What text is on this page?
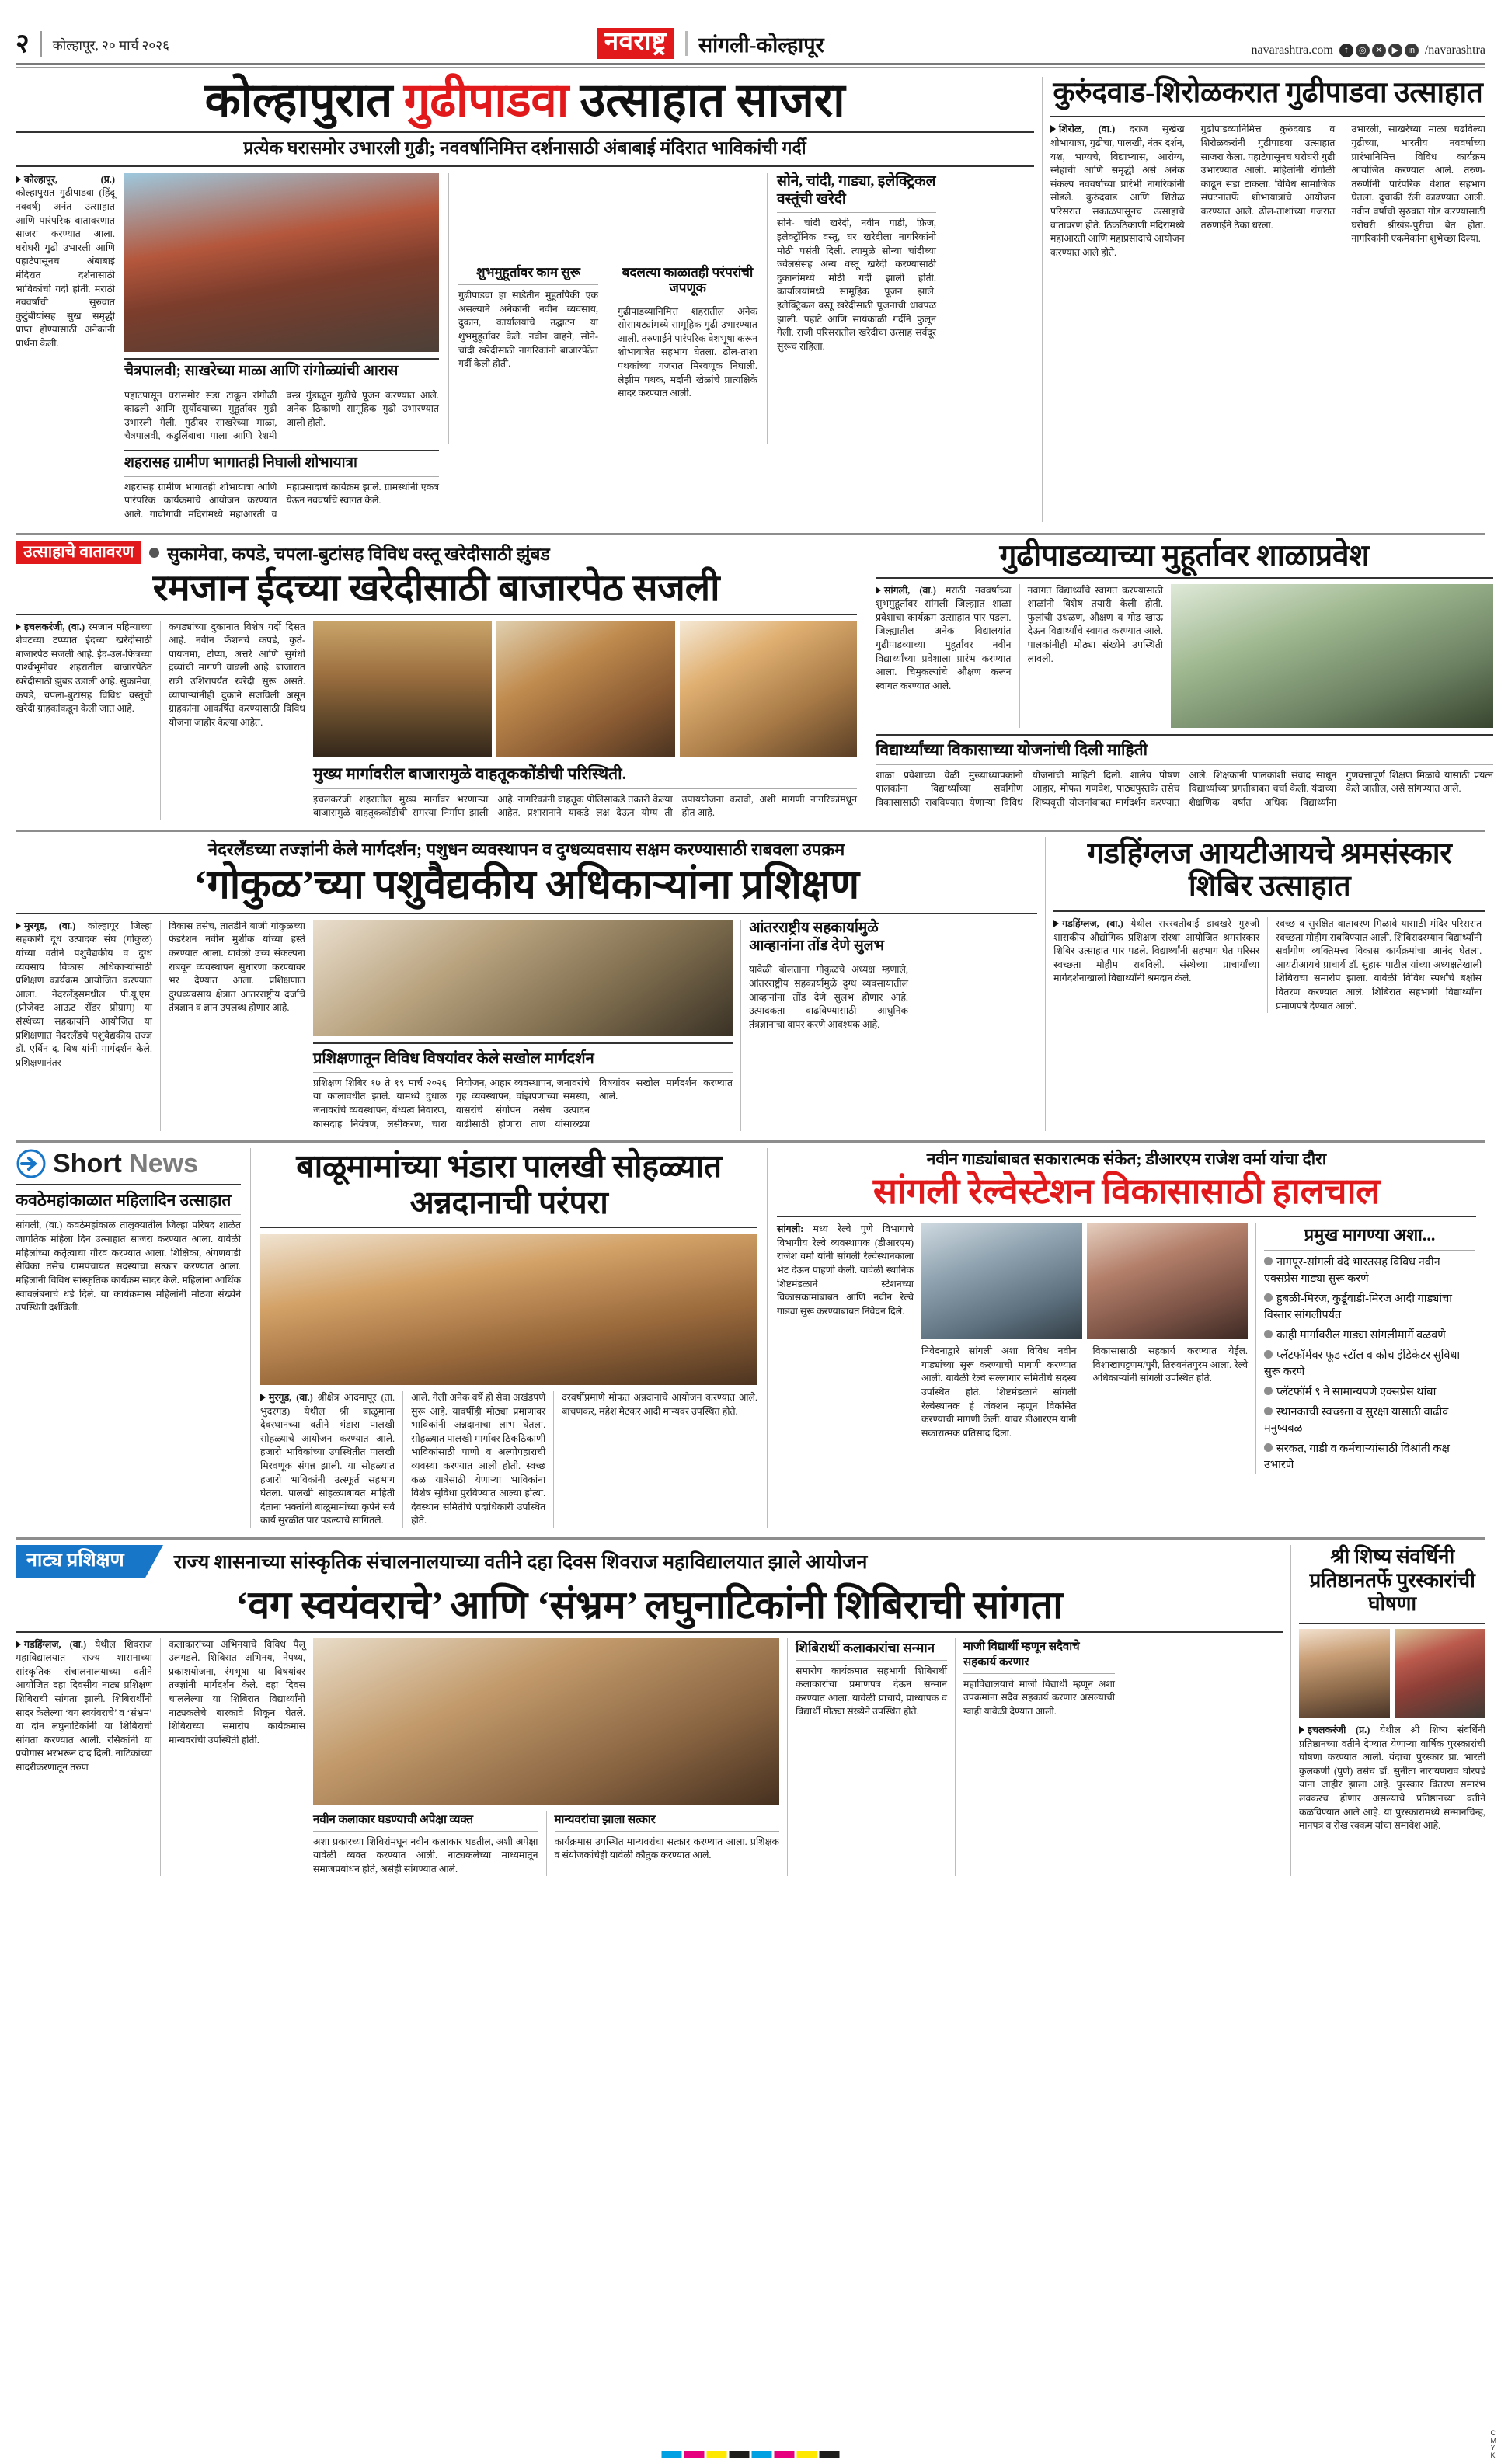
२ कोल्हापूर, २० मार्च २०२६	नवराष्ट्र	सांगली-कोल्हापूर	navarashtra.com	f	◎	✕	▶	in /navarashtra
कोल्हापुरात गुढीपाडवा उत्साहात साजरा
प्रत्येक घरासमोर उभारली गुढी; नववर्षानिमित्त दर्शनासाठी अंबाबाई मंदिरात भाविकांची गर्दी

कोल्हापूर, (प्र.) कोल्हापुरात गुढीपाडवा (हिंदू नववर्ष) अनंत उत्साहात आणि पारंपरिक वातावरणात साजरा करण्यात आला. घरोघरी गुढी उभारली आणि पहाटेपासूनच अंबाबाई मंदिरात दर्शनासाठी भाविकांची गर्दी होती. मराठी नववर्षाची सुरुवात कुटुंबीयांसह सुख समृद्धी प्राप्त होण्यासाठी अनेकांनी प्रार्थना केली.

चैत्रपालवी; साखरेच्या माळा आणि रांगोळ्यांची आरास

पहाटपासून घरासमोर सडा टाकून रांगोळी काढली आणि सुर्योदयाच्या मुहूर्तावर गुढी उभारली गेली. गुढीवर साखरेच्या माळा, चैत्रपालवी, कडुलिंबाचा पाला आणि रेशमी वस्त्र गुंडाळून गुढीचे पूजन करण्यात आले. अनेक ठिकाणी सामूहिक गुढी उभारण्यात आली होती.

शुभमुहूर्तावर काम सुरू

गुढीपाडवा हा साडेतीन मुहूर्तांपैकी एक असल्याने अनेकांनी नवीन व्यवसाय, दुकान, कार्यालयांचे उद्घाटन या शुभमुहूर्तावर केले. नवीन वाहने, सोने-चांदी खरेदीसाठी नागरिकांनी बाजारपेठेत गर्दी केली होती.

बदलत्या काळातही परंपरांची जपणूक

गुढीपाडव्यानिमित्त शहरातील अनेक सोसायट्यांमध्ये सामूहिक गुढी उभारण्यात आली. तरुणाईने पारंपरिक वेशभूषा करून शोभायात्रेत सहभाग घेतला. ढोल-ताशा पथकांच्या गजरात मिरवणूक निघाली. लेझीम पथक, मर्दानी खेळांचे प्रात्यक्षिके सादर करण्यात आली.

सोने, चांदी, गाड्या, इलेक्ट्रिकल वस्तूंची खरेदी

सोने- चांदी खरेदी, नवीन गाडी, फ्रिज, इलेक्ट्रॉनिक वस्तू, घर खरेदीला नागरिकांनी मोठी पसंती दिली. त्यामुळे सोन्या चांदीच्या ज्वेलर्ससह अन्य वस्तू खरेदी करण्यासाठी दुकानांमध्ये मोठी गर्दी झाली होती. कार्यालयांमध्ये सामूहिक पूजन झाले. इलेक्ट्रिकल वस्तू खरेदीसाठी पूजनाची धावपळ झाली. पहाटे आणि सायंकाळी गर्दीने फुलून गेली. राजी परिसरातील खरेदीचा उत्साह सर्वदूर सुरूच राहिला.

शहरासह ग्रामीण भागातही निघाली शोभायात्रा

शहरासह ग्रामीण भागातही शोभायात्रा आणि पारंपरिक कार्यक्रमांचे आयोजन करण्यात आले. गावोगावी मंदिरांमध्ये महाआरती व महाप्रसादाचे कार्यक्रम झाले. ग्रामस्थांनी एकत्र येऊन नववर्षाचे स्वागत केले.

कुरुंदवाड-शिरोळकरात गुढीपाडवा उत्साहात

शिरोळ, (वा.) दराज सुखेख शोभायात्रा, गुढीचा, पालखी, नंतर दर्शन, यश, भाग्यचे, विद्याभ्यास, आरोग्य, स्नेहाची आणि समृद्धी असे अनेक संकल्प नववर्षाच्या प्रारंभी नागरिकांनी सोडले. कुरुंदवाड आणि शिरोळ परिसरात सकाळपासूनच उत्साहाचे वातावरण होते. ठिकठिकाणी मंदिरांमध्ये महाआरती आणि महाप्रसादाचे आयोजन करण्यात आले होते.

गुढीपाडव्यानिमित्त कुरुंदवाड व शिरोळकरांनी गुढीपाडवा उत्साहात साजरा केला. पहाटेपासूनच घरोघरी गुढी उभारण्यात आली. महिलांनी रांगोळी काढून सडा टाकला. विविध सामाजिक संघटनांतर्फे शोभायात्रांचे आयोजन करण्यात आले. ढोल-ताशांच्या गजरात तरुणाईने ठेका धरला.

उभारली, साखरेच्या माळा चढविल्या गुढीच्या, भारतीय नववर्षाच्या प्रारंभानिमित्त विविध कार्यक्रम आयोजित करण्यात आले. तरुण-तरुणींनी पारंपरिक वेशात सहभाग घेतला. दुचाकी रॅली काढण्यात आली. नवीन वर्षाची सुरुवात गोड करण्यासाठी घरोघरी श्रीखंड-पुरीचा बेत होता. नागरिकांनी एकमेकांना शुभेच्छा दिल्या.

उत्साहाचे वातावरण	सुकामेवा, कपडे, चपला-बुटांसह विविध वस्तू खरेदीसाठी झुंबड
रमजान ईदच्या खरेदीसाठी बाजारपेठ सजली

इचलकरंजी, (वा.) रमजान महिन्याच्या शेवटच्या टप्प्यात ईदच्या खरेदीसाठी बाजारपेठ सजली आहे. ईद-उल-फित्रच्या पार्श्वभूमीवर शहरातील बाजारपेठेत खरेदीसाठी झुंबड उडाली आहे. सुकामेवा, कपडे, चपला-बुटांसह विविध वस्तूंची खरेदी ग्राहकांकडून केली जात आहे.

कपड्यांच्या दुकानात विशेष गर्दी दिसत आहे. नवीन फॅशनचे कपडे, कुर्ते-पायजमा, टोप्या, अत्तरे आणि सुगंधी द्रव्यांची मागणी वाढली आहे. बाजारात रात्री उशिरापर्यंत खरेदी सुरू असते. व्यापाऱ्यांनीही दुकाने सजविली असून ग्राहकांना आकर्षित करण्यासाठी विविध योजना जाहीर केल्या आहेत.

मुख्य मार्गावरील बाजारामुळे वाहतूककोंडीची परिस्थिती.

इचलकरंजी शहरातील मुख्य मार्गावर भरणाऱ्या बाजारामुळे वाहतूककोंडीची समस्या निर्माण झाली आहे. नागरिकांनी वाहतूक पोलिसांकडे तक्रारी केल्या आहेत. प्रशासनाने याकडे लक्ष देऊन योग्य ती उपाययोजना करावी, अशी मागणी नागरिकांमधून होत आहे.

गुढीपाडव्याच्या मुहूर्तावर शाळाप्रवेश

सांगली, (वा.) मराठी नववर्षाच्या शुभमुहूर्तावर सांगली जिल्ह्यात शाळा प्रवेशाचा कार्यक्रम उत्साहात पार पडला. जिल्ह्यातील अनेक विद्यालयांत गुढीपाडव्याच्या मुहूर्तावर नवीन विद्यार्थ्यांच्या प्रवेशाला प्रारंभ करण्यात आला. चिमुकल्यांचे औक्षण करून स्वागत करण्यात आले.

नवागत विद्यार्थ्यांचे स्वागत करण्यासाठी शाळांनी विशेष तयारी केली होती. फुलांची उधळण, औक्षण व गोड खाऊ देऊन विद्यार्थ्यांचे स्वागत करण्यात आले. पालकांनीही मोठ्या संख्येने उपस्थिती लावली.

विद्यार्थ्यांच्या विकासाच्या योजनांची दिली माहिती

शाळा प्रवेशाच्या वेळी मुख्याध्यापकांनी पालकांना विद्यार्थ्यांच्या सर्वांगीण विकासासाठी राबविण्यात येणाऱ्या विविध योजनांची माहिती दिली. शालेय पोषण आहार, मोफत गणवेश, पाठ्यपुस्तके तसेच शिष्यवृत्ती योजनांबाबत मार्गदर्शन करण्यात आले. शिक्षकांनी पालकांशी संवाद साधून विद्यार्थ्यांच्या प्रगतीबाबत चर्चा केली. यंदाच्या शैक्षणिक वर्षात अधिक विद्यार्थ्यांना गुणवत्तापूर्ण शिक्षण मिळावे यासाठी प्रयत्न केले जातील, असे सांगण्यात आले.

नेदरलँडच्या तज्ज्ञांनी केले मार्गदर्शन; पशुधन व्यवस्थापन व दुग्धव्यवसाय सक्षम करण्यासाठी राबवला उपक्रम
‘गोकुळ’च्या पशुवैद्यकीय अधिकाऱ्यांना प्रशिक्षण

मुरगूड, (वा.) कोल्हापूर जिल्हा सहकारी दूध उत्पादक संघ (गोकुळ) यांच्या वतीने पशुवैद्यकीय व दुग्ध व्यवसाय विकास अधिकाऱ्यांसाठी प्रशिक्षण कार्यक्रम आयोजित करण्यात आला. नेदरलँड्समधील पी.यू.एम. (प्रोजेक्ट आऊट सेंडर प्रोग्राम) या संस्थेच्या सहकार्याने आयोजित या प्रशिक्षणात नेदरलँडचे पशुवैद्यकीय तज्ज्ञ डॉ. एर्विन द. विथ यांनी मार्गदर्शन केले. प्रशिक्षणानंतर

विकास तसेच, तातडीने बाजी गोकुळच्या फेडरेशन नवीन मुर्शीक यांच्या हस्ते करण्यात आला. यावेळी उच्च संकल्पना राबवून व्यवस्थापन सुधारणा करण्यावर भर देण्यात आला. प्रशिक्षणात दुग्धव्यवसाय क्षेत्रात आंतरराष्ट्रीय दर्जाचे तंत्रज्ञान व ज्ञान उपलब्ध होणार आहे.

प्रशिक्षणातून विविध विषयांवर केले सखोल मार्गदर्शन

प्रशिक्षण शिबिर १७ ते १९ मार्च २०२६ या कालावधीत झाले. यामध्ये दुधाळ जनावरांचे व्यवस्थापन, वंध्यत्व निवारण, कासदाह नियंत्रण, लसीकरण, चारा नियोजन, आहार व्यवस्थापन, जनावरांचे गृह व्यवस्थापन, वांझपणाच्या समस्या, वासरांचे संगोपन तसेच उत्पादन वाढीसाठी होणारा ताण यांसारख्या विषयांवर सखोल मार्गदर्शन करण्यात आले.

आंतरराष्ट्रीय सहकार्यामुळे आव्हानांना तोंड देणे सुलभ

यावेळी बोलताना गोकुळचे अध्यक्ष म्हणाले, आंतरराष्ट्रीय सहकार्यामुळे दुग्ध व्यवसायातील आव्हानांना तोंड देणे सुलभ होणार आहे. उत्पादकता वाढविण्यासाठी आधुनिक तंत्रज्ञानाचा वापर करणे आवश्यक आहे.

गडहिंग्लज आयटीआयचे श्रमसंस्कार शिबिर उत्साहात

गडहिंग्लज, (वा.) येथील सरस्वतीबाई डावखरे गुरुजी शासकीय औद्योगिक प्रशिक्षण संस्था आयोजित श्रमसंस्कार शिबिर उत्साहात पार पडले. विद्यार्थ्यांनी सहभाग घेत परिसर स्वच्छता मोहीम राबविली. संस्थेच्या प्राचार्यांच्या मार्गदर्शनाखाली विद्यार्थ्यांनी श्रमदान केले.

स्वच्छ व सुरक्षित वातावरण मिळावे यासाठी मंदिर परिसरात स्वच्छता मोहीम राबविण्यात आली. शिबिरादरम्यान विद्यार्थ्यांनी सर्वांगीण व्यक्तिमत्त्व विकास कार्यक्रमांचा आनंद घेतला. आयटीआयचे प्राचार्य डॉ. सुहास पाटील यांच्या अध्यक्षतेखाली शिबिराचा समारोप झाला. यावेळी विविध स्पर्धांचे बक्षीस वितरण करण्यात आले. शिबिरात सहभागी विद्यार्थ्यांना प्रमाणपत्रे देण्यात आली.

Short News
कवठेमहांकाळात महिलादिन उत्साहात

सांगली, (वा.) कवठेमहांकाळ तालुक्यातील जिल्हा परिषद शाळेत जागतिक महिला दिन उत्साहात साजरा करण्यात आला. यावेळी महिलांच्या कर्तृत्वाचा गौरव करण्यात आला. शिक्षिका, अंगणवाडी सेविका तसेच ग्रामपंचायत सदस्यांचा सत्कार करण्यात आला. महिलांनी विविध सांस्कृतिक कार्यक्रम सादर केले. महिलांना आर्थिक स्वावलंबनाचे धडे दिले. या कार्यक्रमास महिलांनी मोठ्या संख्येने उपस्थिती दर्शविली.

बाळूमामांच्या भंडारा पालखी सोहळ्यात अन्नदानाची परंपरा

मुरगूड, (वा.) श्रीक्षेत्र आदमापूर (ता. भुदरगड) येथील श्री बाळूमामा देवस्थानच्या वतीने भंडारा पालखी सोहळ्याचे आयोजन करण्यात आले. हजारो भाविकांच्या उपस्थितीत पालखी मिरवणूक संपन्न झाली. या सोहळ्यात हजारो भाविकांनी उत्स्फूर्त सहभाग घेतला. पालखी सोहळ्याबाबत माहिती देताना भक्तांनी बाळूमामांच्या कृपेने सर्व कार्य सुरळीत पार पडल्याचे सांगितले.

आले. गेली अनेक वर्षे ही सेवा अखंडपणे सुरू आहे. यावर्षीही मोठ्या प्रमाणावर भाविकांनी अन्नदानाचा लाभ घेतला. सोहळ्यात पालखी मार्गावर ठिकठिकाणी भाविकांसाठी पाणी व अल्पोपहाराची व्यवस्था करण्यात आली होती. स्वच्छ कळ यात्रेसाठी येणाऱ्या भाविकांना विशेष सुविधा पुरविण्यात आल्या होत्या. देवस्थान समितीचे पदाधिकारी उपस्थित होते.

दरवर्षीप्रमाणे मोफत अन्नदानाचे आयोजन करण्यात आले. बाचणकर, महेश मेटकर आदी मान्यवर उपस्थित होते.

नवीन गाड्यांबाबत सकारात्मक संकेत; डीआरएम राजेश वर्मा यांचा दौरा
सांगली रेल्वेस्टेशन विकासासाठी हालचाल

सांगली: मध्य रेल्वे पुणे विभागाचे विभागीय रेल्वे व्यवस्थापक (डीआरएम) राजेश वर्मा यांनी सांगली रेल्वेस्थानकाला भेट देऊन पाहणी केली. यावेळी स्थानिक शिष्टमंडळाने स्टेशनच्या विकासकामांबाबत आणि नवीन रेल्वे गाड्या सुरू करण्याबाबत निवेदन दिले.

निवेदनाद्वारे सांगली अशा विविध नवीन गाड्यांच्या सुरू करण्याची मागणी करण्यात आली. यावेळी रेल्वे सल्लागार समितीचे सदस्य उपस्थित होते. शिष्टमंडळाने सांगली रेल्वेस्थानक हे जंक्शन म्हणून विकसित करण्याची मागणी केली. यावर डीआरएम यांनी सकारात्मक प्रतिसाद दिला.

विकासासाठी सहकार्य करण्यात येईल. विशाखापट्टणम/पुरी, तिरुवनंतपुरम आला. रेल्वे अधिकाऱ्यांनी सांगली उपस्थित होते.

प्रमुख मागण्या अशा...
नागपूर-सांगली वंदे भारतसह विविध नवीन एक्सप्रेस गाड्या सुरू करणे
हुबळी-मिरज, कुर्डूवाडी-मिरज आदी गाड्यांचा विस्तार सांगलीपर्यंत
काही मार्गांवरील गाड्या सांगलीमार्गे वळवणे
प्लॅटफॉर्मवर फूड स्टॉल व कोच इंडिकेटर सुविधा सुरू करणे
प्लॅटफॉर्म ९ ने सामान्यपणे एक्सप्रेस थांबा
स्थानकाची स्वच्छता व सुरक्षा यासाठी वाढीव मनुष्यबळ
सरकत, गाडी व कर्मचाऱ्यांसाठी विश्रांती कक्ष उभारणे
नाट्य प्रशिक्षण	राज्य शासनाच्या सांस्कृतिक संचालनालयाच्या वतीने दहा दिवस शिवराज महाविद्यालयात झाले आयोजन
‘वग स्वयंवराचे’ आणि ‘संभ्रम’ लघुनाटिकांनी शिबिराची सांगता

गडहिंग्लज, (वा.) येथील शिवराज महाविद्यालयात राज्य शासनाच्या सांस्कृतिक संचालनालयाच्या वतीने आयोजित दहा दिवसीय नाट्य प्रशिक्षण शिबिराची सांगता झाली. शिबिरार्थींनी सादर केलेल्या ‘वग स्वयंवराचे’ व ‘संभ्रम’ या दोन लघुनाटिकांनी या शिबिराची सांगता करण्यात आली. रसिकांनी या प्रयोगास भरभरून दाद दिली. नाटिकांच्या सादरीकरणातून तरुण

कलाकारांच्या अभिनयाचे विविध पैलू उलगडले. शिबिरात अभिनय, नेपथ्य, प्रकाशयोजना, रंगभूषा या विषयांवर तज्ज्ञांनी मार्गदर्शन केले. दहा दिवस चाललेल्या या शिबिरात विद्यार्थ्यांनी नाट्यकलेचे बारकावे शिकून घेतले. शिबिराच्या समारोप कार्यक्रमास मान्यवरांची उपस्थिती होती.

नवीन कलाकार घडण्याची अपेक्षा व्यक्त

अशा प्रकारच्या शिबिरांमधून नवीन कलाकार घडतील, अशी अपेक्षा यावेळी व्यक्त करण्यात आली. नाट्यकलेच्या माध्यमातून समाजप्रबोधन होते, असेही सांगण्यात आले.

मान्यवरांचा झाला सत्कार

कार्यक्रमास उपस्थित मान्यवरांचा सत्कार करण्यात आला. प्रशिक्षक व संयोजकांचेही यावेळी कौतुक करण्यात आले.

शिबिरार्थी कलाकारांचा सन्मान

समारोप कार्यक्रमात सहभागी शिबिरार्थी कलाकारांचा प्रमाणपत्र देऊन सन्मान करण्यात आला. यावेळी प्राचार्य, प्राध्यापक व विद्यार्थी मोठ्या संख्येने उपस्थित होते.

माजी विद्यार्थी म्हणून सदैवाचे सहकार्य करणार

महाविद्यालयाचे माजी विद्यार्थी म्हणून अशा उपक्रमांना सदैव सहकार्य करणार असल्याची ग्वाही यावेळी देण्यात आली.

श्री शिष्य संवर्धिनी प्रतिष्ठानतर्फे पुरस्कारांची घोषणा

इचलकरंजी (प्र.) येथील श्री शिष्य संवर्धिनी प्रतिष्ठानच्या वतीने देण्यात येणाऱ्या वार्षिक पुरस्कारांची घोषणा करण्यात आली. यंदाचा पुरस्कार प्रा. भारती कुलकर्णी (पुणे) तसेच डॉ. सुनीता नारायणराव घोरपडे यांना जाहीर झाला आहे. पुरस्कार वितरण समारंभ लवकरच होणार असल्याचे प्रतिष्ठानच्या वतीने कळविण्यात आले आहे. या पुरस्कारामध्ये सन्मानचिन्ह, मानपत्र व रोख रक्कम यांचा समावेश आहे.

C
M
Y
K
